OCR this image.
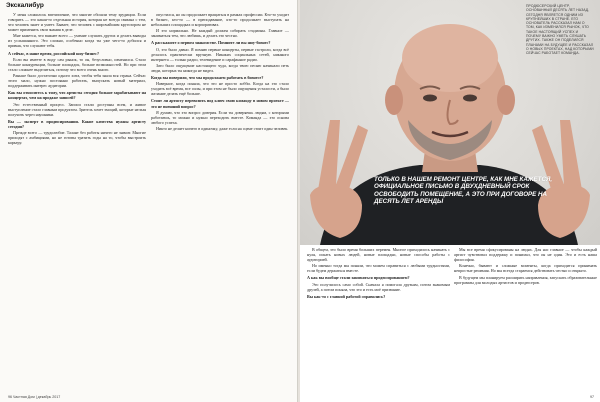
Экскалибур

У меня сложилось впечатление, что многие обошли тему эрудиции. Если говорить — это какая-то отдельная история, которая не всегда связана с тем, что человек знает и умеет. Бывает, что человек с широчайшим кругозором не может применить свои знания в деле.

Мне кажется, что важнее всего — умение слушать других и делать выводы из услышанного. Это сложно, особенно когда ты уже чего-то добился и привык, что слушают тебя.

А сейчас, в наше время, российский шоу-бизнес?

Если вы имеете в виду сам рынок, то он, безусловно, изменился. Стало больше конкуренции, больше площадок, больше возможностей. Но при этом стало сложнее выделиться, потому что всего очень много.

Раньше было достаточно одного хита, чтобы тебя знала вся страна. Сейчас этого мало, нужно постоянно работать, выпускать новый материал, поддерживать интерес аудитории.

Как вы относитесь к тому, что артисты сегодня больше зарабатывают на концертах, чем на продаже записей?

Это естественный процесс. Записи стали доступны всем, и живое выступление стало главным продуктом. Зритель хочет эмоций, которые нельзя получить через наушники.

Вы — эксперт в продюсировании. Какие качества нужны артисту сегодня?

Прежде всего — трудолюбие. Талант без работы ничего не значит. Многие приходят с амбициями, но не готовы тратить годы на то, чтобы выстроить карьеру.

опустился, но он продолжает вращаться в рамках профессии. Кто-то уходит в бизнес, кто-то — в преподавание, кто-то продолжает выступать на небольших площадках и корпоративах.

И это нормально. Не каждый должен собирать стадионы. Главное — заниматься тем, что любишь, и делать это честно.

А расскажите о первом знакомстве. Помните ли вы шоу-бизнес?

О, это было давно. Я помню первые концерты, первые гастроли, когда всё делалось практически вручную. Никаких социальных сетей, никакого интернета — только радио, телевидение и сарафанное радио.

Зато было ощущение настоящего чуда, когда твою песню начинали петь люди, которых ты никогда не видел.

Когда вы поверили, что мы продолжаем работать в бизнесе?

Наверное, когда поняла, что это не просто хобби. Когда на это стало уходить всё время, все силы, и при этом не было ощущения усталости, а было желание делать ещё больше.

Стоят ли артисту перевозить под ключ свою команду в новом проекте — это не внешний вопрос?

Я думаю, что это вопрос доверия. Если ты доверяешь людям, с которыми работаешь, то можно и нужно переходить вместе. Команда — это основа любого успеха.

Никто не делает ничего в одиночку, даже если на сцене стоит один человек.

96 Частная Дом | декабрь 2017
ПРОДЮСЕРСКИЙ ЦЕНТР, ОСНОВАННЫЙ ДЕСЯТЬ ЛЕТ НАЗАД, СЕГОДНЯ ЯВЛЯЕТСЯ ОДНИМ ИЗ КРУПНЕЙШИХ В СТРАНЕ. ЕГО ОСНОВАТЕЛЬ РАССКАЗАЛ НАМ О ТОМ, КАК ИЗМЕНИЛСЯ РЫНОК, ЧТО ТАКОЕ НАСТОЯЩИЙ УСПЕХ И ПОЧЕМУ ВАЖНО УМЕТЬ СЛУШАТЬ ДРУГИХ. ТАКЖЕ ОН ПОДЕЛИЛСЯ ПЛАНАМИ НА БУДУЩЕЕ И РАССКАЗАЛ О НОВЫХ ПРОЕКТАХ, НАД КОТОРЫМИ СЕЙЧАС РАБОТАЕТ КОМАНДА.
ТОЛЬКО В НАШЕМ РЕМОНТ ЦЕНТРЕ, КАК МНЕ КАЖЕТСЯ, ОФИЦИАЛЬНОЕ ПИСЬМО В ДВУХДНЕВНЫЙ СРОК ОСВОБОДИТЬ ПОМЕЩЕНИЕ, А ЭТО ПРИ ДОГОВОРЕ НА ДЕСЯТЬ ЛЕТ АРЕНДЫ

В общем, это было время больших перемен. Многое приходилось начинать с нуля, искать новых людей, новые площадки, новые способы работы с аудиторией.

Но именно тогда мы поняли, что можем справиться с любыми трудностями, если будем держаться вместе.

А как вы вообще стали заниматься продюсированием?

Это получилось само собой. Сначала я помогала друзьям, потом знакомым друзей, а потом поняла, что это и есть моё призвание.

Вы как-то с главной работой справились?

Мы все время сфокусированы на людях. Для нас главное — чтобы каждый артист чувствовал поддержку и понимал, что он не один. Это и есть наша философия.

Конечно, бывают и сложные моменты, когда приходится принимать непростые решения. Но мы всегда стараемся действовать честно и открыто.

В будущем мы планируем расширять направления, запускать образовательные программы для молодых артистов и продюсеров.

97
